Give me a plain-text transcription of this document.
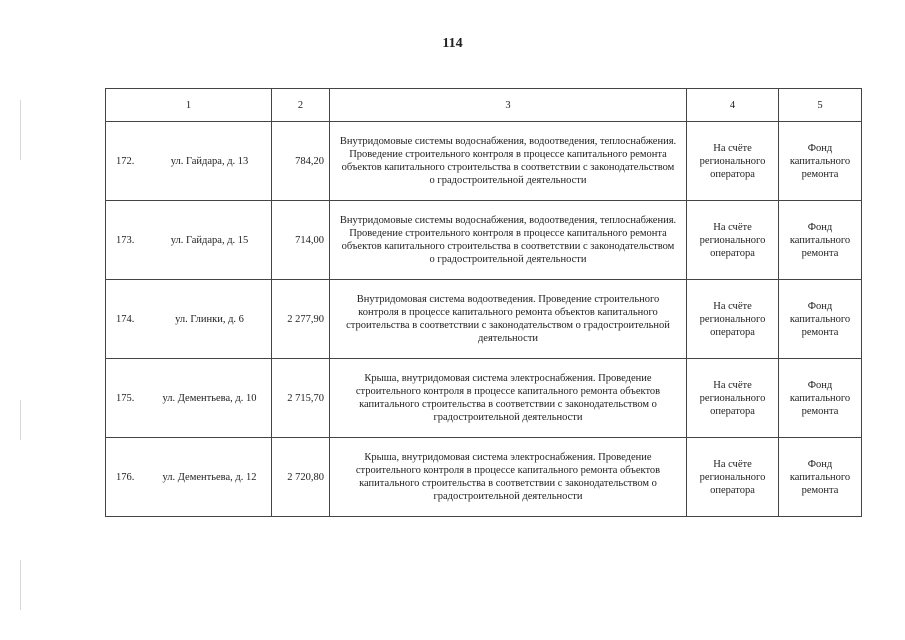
114
1	2	3	4	5

172. ул. Гайдара, д. 13	784,20	Внутридомовые системы водоснабжения, водоотведения, теплоснабжения. Проведение строительного контроля в процессе капитального ремонта объектов капитального строительства в соответствии с законодательством о градостроительной деятельности	На счёте регионального оператора	Фонд капитального ремонта

173. ул. Гайдара, д. 15	714,00	Внутридомовые системы водоснабжения, водоотведения, теплоснабжения. Проведение строительного контроля в процессе капитального ремонта объектов капитального строительства в соответствии с законодательством о градостроительной деятельности	На счёте регионального оператора	Фонд капитального ремонта

174. ул. Глинки, д. 6	2 277,90	Внутридомовая система водоотведения. Проведение строительного контроля в процессе капитального ремонта объектов капитального строительства в соответствии с законодательством о градостроительной деятельности	На счёте регионального оператора	Фонд капитального ремонта

175. ул. Дементьева, д. 10	2 715,70	Крыша, внутридомовая система электроснабжения. Проведение строительного контроля в процессе капитального ремонта объектов капитального строительства в соответствии с законодательством о градостроительной деятельности	На счёте регионального оператора	Фонд капитального ремонта

176. ул. Дементьева, д. 12	2 720,80	Крыша, внутридомовая система электроснабжения. Проведение строительного контроля в процессе капитального ремонта объектов капитального строительства в соответствии с законодательством о градостроительной деятельности	На счёте регионального оператора	Фонд капитального ремонта
